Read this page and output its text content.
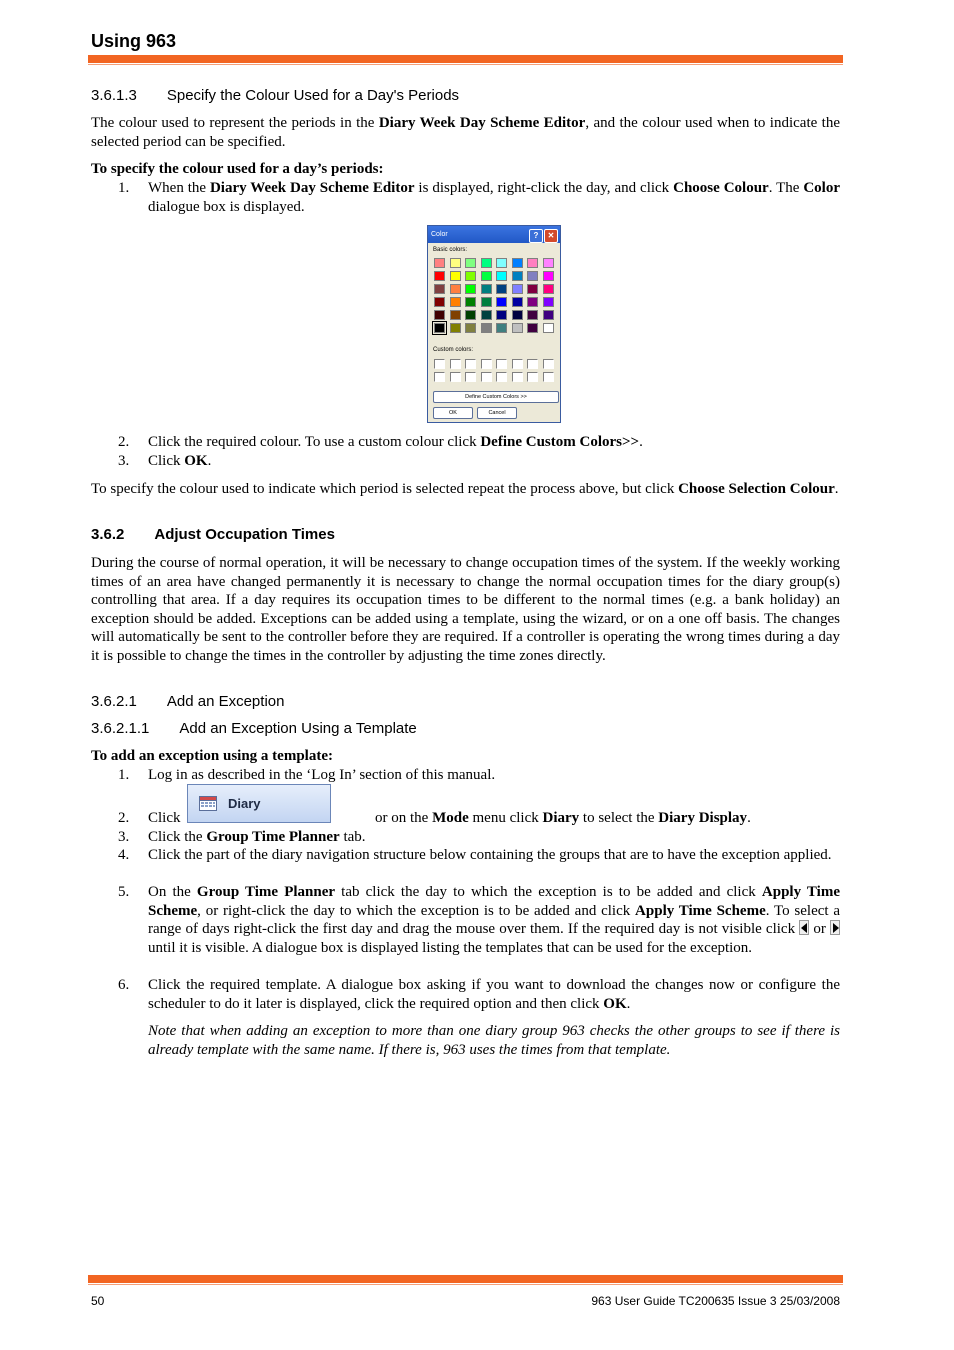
Using 963
3.6.1.3  Specify the Colour Used for a Day's Periods
The colour used to represent the periods in the Diary Week Day Scheme Editor, and the colour used when to indicate the selected period can be specified.
To specify the colour used for a day’s periods:
1. When the Diary Week Day Scheme Editor is displayed, right-click the day, and click Choose Colour. The Color dialogue box is displayed.
Color	? ✕
Basic colors:
Custom colors:
Define Custom Colors >>
OK	Cancel
2. Click the required colour. To use a custom colour click Define Custom Colors>>.
3. Click OK.
To specify the colour used to indicate which period is selected repeat the process above, but click Choose Selection Colour.
3.6.2  Adjust Occupation Times
During the course of normal operation, it will be necessary to change occupation times of the system. If the weekly working times of an area have changed permanently it is necessary to change the normal occupation times for the diary group(s) controlling that area. If a day requires its occupation times to be different to the normal times (e.g. a bank holiday) an exception should be added. Exceptions can be added using a template, using the wizard, or on a one off basis. The changes will automatically be sent to the controller before they are required. If a controller is operating the wrong times during a day it is possible to change the times in the controller by adjusting the time zones directly.
3.6.2.1  Add an Exception
3.6.2.1.1  Add an Exception Using a Template
To add an exception using a template:
1. Log in as described in the ‘Log In’ section of this manual.
Diary
2. Click	or on the Mode menu click Diary to select the Diary Display.
3. Click the Group Time Planner tab.
4. Click the part of the diary navigation structure below containing the groups that are to have the exception applied.
5. On the Group Time Planner tab click the day to which the exception is to be added and click Apply Time Scheme, or right-click the day to which the exception is to be added and click Apply Time Scheme. To select a range of days right-click the first day and drag the mouse over them. If the required day is not visible click  or  until it is visible. A dialogue box is displayed listing the templates that can be used for the exception.
6. Click the required template. A dialogue box asking if you want to download the changes now or configure the scheduler to do it later is displayed, click the required option and then click OK.
Note that when adding an exception to more than one diary group 963 checks the other groups to see if there is already template with the same name. If there is, 963 uses the times from that template.
50	963 User Guide TC200635 Issue 3 25/03/2008
